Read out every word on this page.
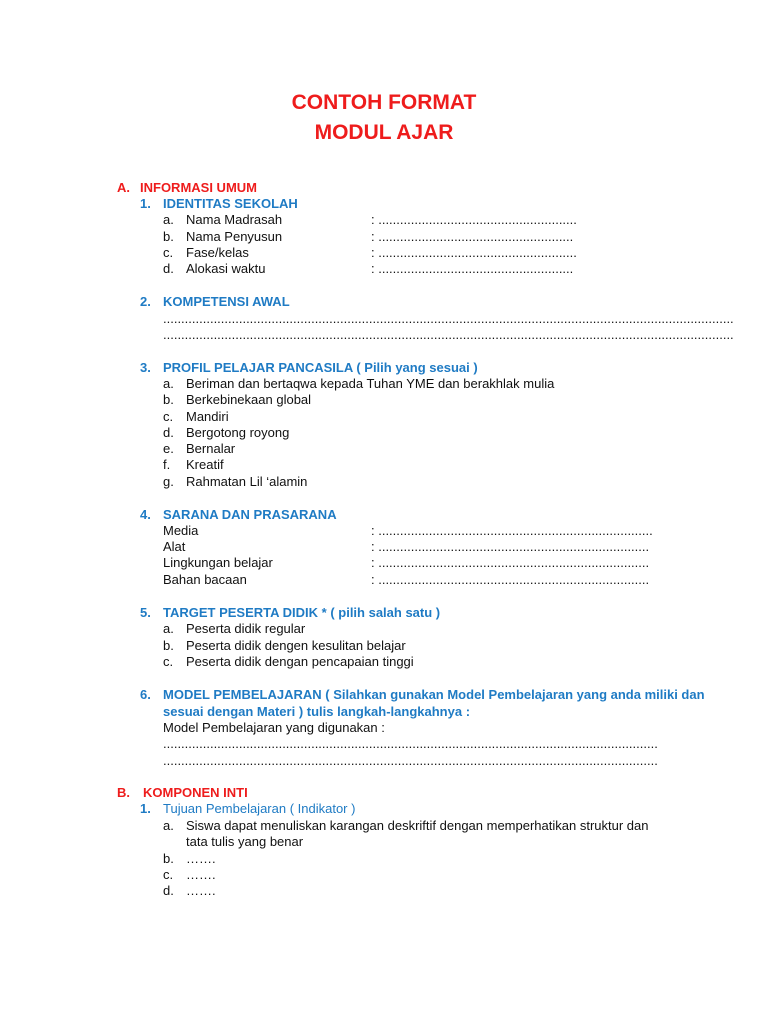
CONTOH FORMAT
MODUL AJAR
A. INFORMASI UMUM
1. IDENTITAS SEKOLAH
a. Nama Madrasah	: .......................................................
b. Nama Penyusun	: ......................................................
c. Fase/kelas	: .......................................................
d. Alokasi waktu	: ......................................................
2. KOMPETENSI AWAL
..............................................................................................................................................................
..............................................................................................................................................................
3. PROFIL PELAJAR PANCASILA ( Pilih yang sesuai )
a. Beriman dan bertaqwa kepada Tuhan YME dan berakhlak mulia
b. Berkebinekaan global
c. Mandiri
d. Bergotong royong
e. Bernalar
f. Kreatif
g. Rahmatan Lil ‘alamin
4. SARANA DAN PRASARANA
Media	: ............................................................................
Alat	: ...........................................................................
Lingkungan belajar	: ...........................................................................
Bahan bacaan	: ...........................................................................
5. TARGET PESERTA DIDIK * ( pilih salah satu )
a. Peserta didik regular
b. Peserta didik dengen kesulitan belajar
c. Peserta didik dengan pencapaian tinggi
6. MODEL PEMBELAJARAN ( Silahkan gunakan Model Pembelajaran yang anda miliki dan
sesuai dengan Materi ) tulis langkah-langkahnya :
Model Pembelajaran yang digunakan :
.........................................................................................................................................
.........................................................................................................................................
B. KOMPONEN INTI
1. Tujuan Pembelajaran ( Indikator )
a. Siswa dapat menuliskan karangan deskriftif dengan memperhatikan struktur dan
tata tulis yang benar
b. …….
c. …….
d. …….
